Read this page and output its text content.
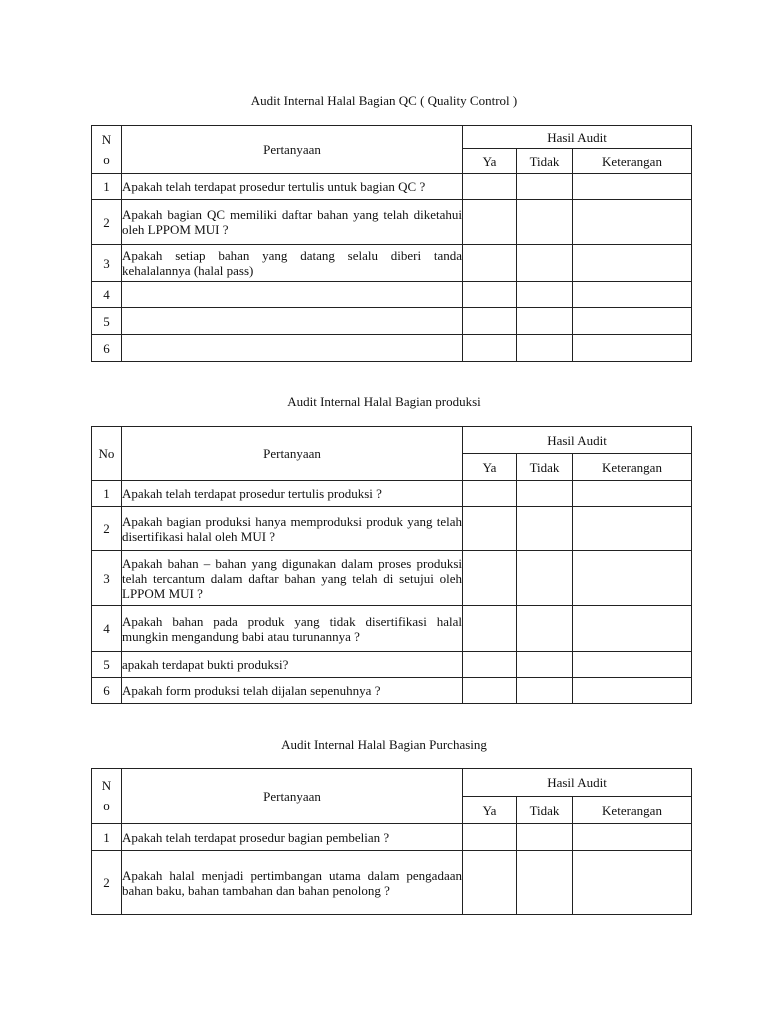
Audit Internal Halal Bagian QC ( Quality Control )
No	Pertanyaan	Hasil Audit		
		Ya	Tidak	Keterangan
1	Apakah telah terdapat prosedur tertulis untuk bagian QC ?			
2	Apakah bagian QC memiliki daftar bahan yang telah diketahui oleh LPPOM MUI ?			
3	Apakah setiap bahan yang datang selalu diberi tanda kehalalannya (halal pass)			
4				
5				
6				
Audit Internal Halal Bagian produksi
No	Pertanyaan	Hasil Audit		
		Ya	Tidak	Keterangan
1	Apakah telah terdapat prosedur tertulis produksi ?			
2	Apakah bagian produksi hanya memproduksi produk yang telah disertifikasi halal oleh MUI ?			
3	Apakah bahan – bahan yang digunakan dalam proses produksi telah tercantum dalam daftar bahan yang telah di setujui oleh LPPOM MUI ?			
4	Apakah bahan pada produk yang tidak disertifikasi halal mungkin mengandung babi atau turunannya ?			
5	apakah terdapat bukti produksi?			
6	Apakah form produksi telah dijalan sepenuhnya ?			
Audit Internal Halal Bagian Purchasing
No	Pertanyaan	Hasil Audit		
		Ya	Tidak	Keterangan
1	Apakah telah terdapat prosedur bagian pembelian ?			
2	Apakah halal menjadi pertimbangan utama dalam pengadaan bahan baku, bahan tambahan dan bahan penolong ?			
